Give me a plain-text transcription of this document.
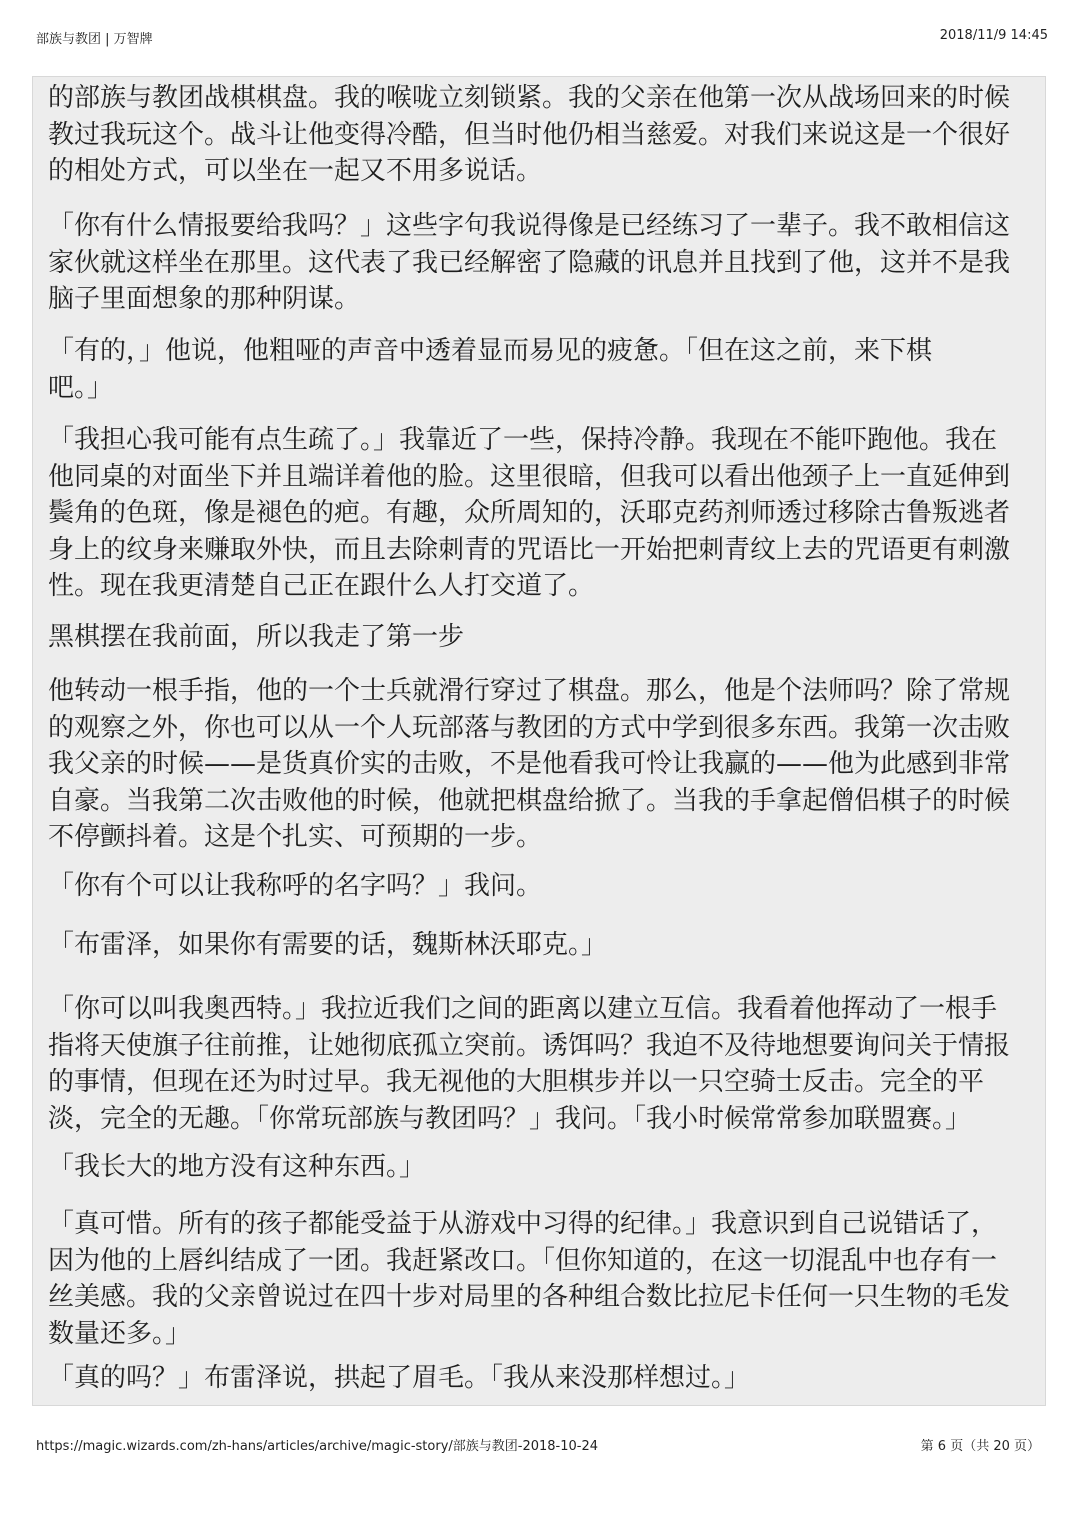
部族与教团 | 万智牌	2018/11/9 14:45

的部族与教团战棋棋盘。我的喉咙立刻锁紧。我的父亲在他第一次从战场回来的时候
教过我玩这个。战斗让他变得冷酷，但当时他仍相当慈爱。对我们来说这是一个很好
的相处方式，可以坐在一起又不用多说话。

「你有什么情报要给我吗？」这些字句我说得像是已经练习了一辈子。我不敢相信这
家伙就这样坐在那里。这代表了我已经解密了隐藏的讯息并且找到了他，这并不是我
脑子里面想象的那种阴谋。

「有的，」他说，他粗哑的声音中透着显而易见的疲惫。「但在这之前，来下棋
吧。」

「我担心我可能有点生疏了。」我靠近了一些，保持冷静。我现在不能吓跑他。我在
他同桌的对面坐下并且端详着他的脸。这里很暗，但我可以看出他颈子上一直延伸到
鬓角的色斑，像是褪色的疤。有趣，众所周知的，沃耶克药剂师透过移除古鲁叛逃者
身上的纹身来赚取外快，而且去除刺青的咒语比一开始把刺青纹上去的咒语更有刺激
性。现在我更清楚自己正在跟什么人打交道了。

黑棋摆在我前面，所以我走了第一步

他转动一根手指，他的一个士兵就滑行穿过了棋盘。那么，他是个法师吗？除了常规
的观察之外，你也可以从一个人玩部落与教团的方式中学到很多东西。我第一次击败
我父亲的时候——是货真价实的击败，不是他看我可怜让我赢的——他为此感到非常
自豪。当我第二次击败他的时候，他就把棋盘给掀了。当我的手拿起僧侣棋子的时候
不停颤抖着。这是个扎实、可预期的一步。

「你有个可以让我称呼的名字吗？」我问。

「布雷泽，如果你有需要的话，魏斯林沃耶克。」

「你可以叫我奥西特。」我拉近我们之间的距离以建立互信。我看着他挥动了一根手
指将天使旗子往前推，让她彻底孤立突前。诱饵吗？我迫不及待地想要询问关于情报
的事情，但现在还为时过早。我无视他的大胆棋步并以一只空骑士反击。完全的平
淡，完全的无趣。「你常玩部族与教团吗？」我问。「我小时候常常参加联盟赛。」

「我长大的地方没有这种东西。」

「真可惜。所有的孩子都能受益于从游戏中习得的纪律。」我意识到自己说错话了，
因为他的上唇纠结成了一团。我赶紧改口。「但你知道的，在这一切混乱中也存有一
丝美感。我的父亲曾说过在四十步对局里的各种组合数比拉尼卡任何一只生物的毛发
数量还多。」

「真的吗？」布雷泽说，拱起了眉毛。「我从来没那样想过。」

https://magic.wizards.com/zh-hans/articles/archive/magic-story/部族与教团-2018-10-24	第 6 页（共 20 页）
